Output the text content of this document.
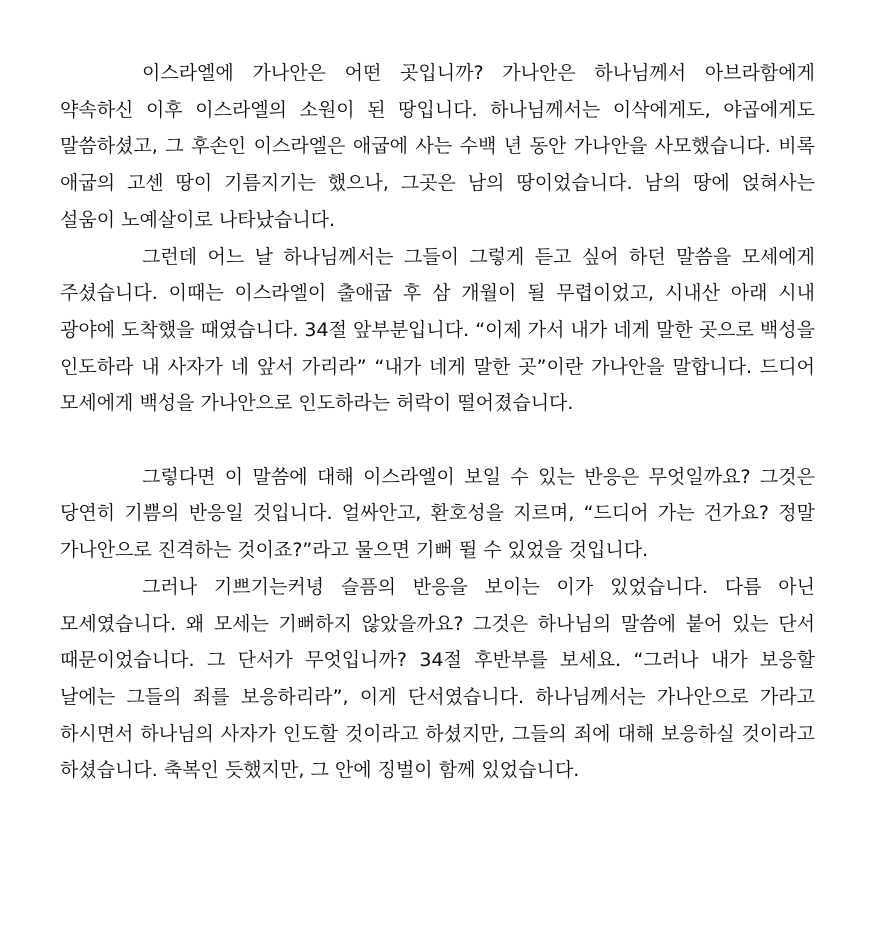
이스라엘에 가나안은 어떤 곳입니까? 가나안은 하나님께서 아브라함에게 약속하신 이후 이스라엘의 소원이 된 땅입니다. 하나님께서는 이삭에게도, 야곱에게도 말씀하셨고, 그 후손인 이스라엘은 애굽에 사는 수백 년 동안 가나안을 사모했습니다. 비록 애굽의 고센 땅이 기름지기는 했으나, 그곳은 남의 땅이었습니다. 남의 땅에 얹혀사는 설움이 노예살이로 나타났습니다.

그런데 어느 날 하나님께서는 그들이 그렇게 듣고 싶어 하던 말씀을 모세에게 주셨습니다. 이때는 이스라엘이 출애굽 후 삼 개월이 될 무렵이었고, 시내산 아래 시내 광야에 도착했을 때였습니다. 34절 앞부분입니다. “이제 가서 내가 네게 말한 곳으로 백성을 인도하라 내 사자가 네 앞서 가리라” “내가 네게 말한 곳”이란 가나안을 말합니다. 드디어 모세에게 백성을 가나안으로 인도하라는 허락이 떨어졌습니다.

그렇다면 이 말씀에 대해 이스라엘이 보일 수 있는 반응은 무엇일까요? 그것은 당연히 기쁨의 반응일 것입니다. 얼싸안고, 환호성을 지르며, “드디어 가는 건가요? 정말 가나안으로 진격하는 것이죠?”라고 물으면 기뻐 뛸 수 있었을 것입니다.

그러나 기쁘기는커녕 슬픔의 반응을 보이는 이가 있었습니다. 다름 아닌 모세였습니다. 왜 모세는 기뻐하지 않았을까요? 그것은 하나님의 말씀에 붙어 있는 단서 때문이었습니다. 그 단서가 무엇입니까? 34절 후반부를 보세요. “그러나 내가 보응할 날에는 그들의 죄를 보응하리라”, 이게 단서였습니다. 하나님께서는 가나안으로 가라고 하시면서 하나님의 사자가 인도할 것이라고 하셨지만, 그들의 죄에 대해 보응하실 것이라고 하셨습니다. 축복인 듯했지만, 그 안에 징벌이 함께 있었습니다.
